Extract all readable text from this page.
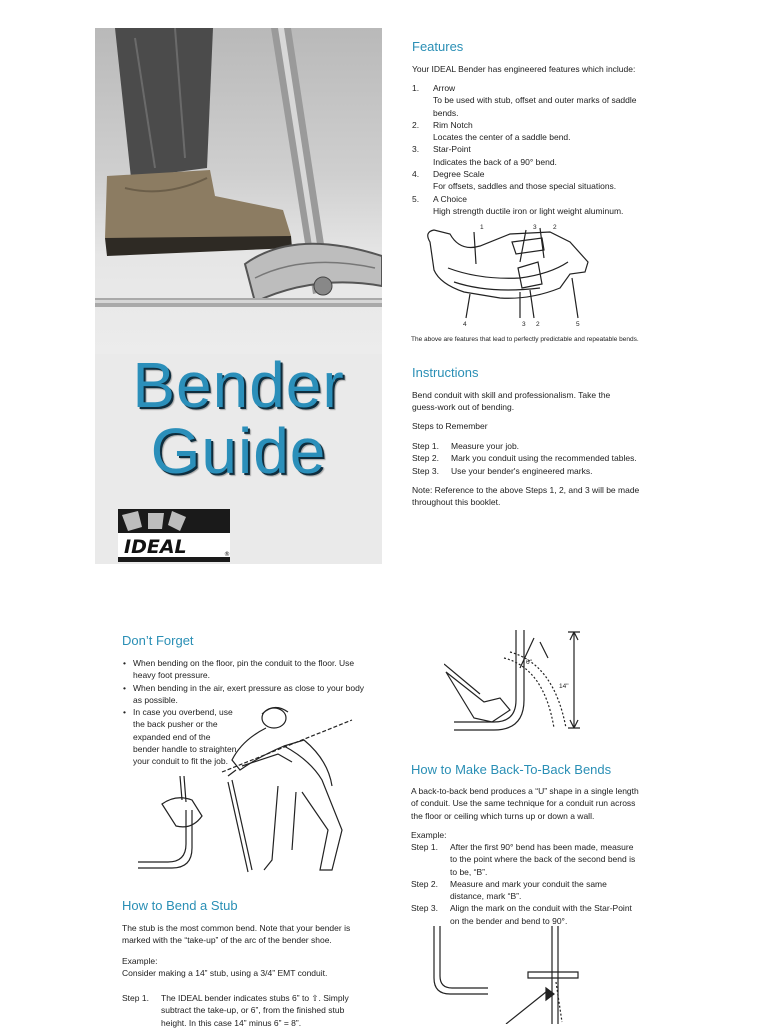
Bender
Guide
IDEAL	®
Features
Your IDEAL Bender has engineered features which include:
1.	Arrow
To be used with stub, offset and outer marks of saddle bends.
2.	Rim Notch
Locates the center of a saddle bend.
3.	Star-Point
Indicates the back of a 90° bend.
4.	Degree Scale
For offsets, saddles and those special situations.
5.	A Choice
High strength ductile iron or light weight aluminum.
1	3	2
4	3 2	5
The above are features that lead to perfectly predictable and repeatable bends.
Instructions
Bend conduit with skill and professionalism. Take the guess-work out of bending.
Steps to Remember
Step 1.	Measure your job.
Step 2.	Mark you conduit using the recommended tables.
Step 3.	Use your bender's engineered marks.
Note: Reference to the above Steps 1, 2, and 3 will be made throughout this booklet.
Don’t Forget
• When bending on the floor, pin the conduit to the floor. Use heavy foot pressure.
• When bending in the air, exert pressure as close to your body as possible.
• In case you overbend, use the back pusher or the expanded end of the bender handle to straighten your conduit to fit the job.
6"
14"
How to Make Back-To-Back Bends
A back-to-back bend produces a “U” shape in a single length of conduit. Use the same technique for a conduit run across the floor or ceiling which turns up or down a wall.
Example:
Step 1.	After the first 90° bend has been made, measure to the point where the back of the second bend is to be, “B”.
Step 2.	Measure and mark your conduit the same distance, mark “B”.
Step 3.	Align the mark on the conduit with the Star-Point on the bender and bend to 90°.
How to Bend a Stub
The stub is the most common bend. Note that your bender is marked with the “take-up” of the arc of the bender shoe.
Example:
Consider making a 14” stub, using a 3/4” EMT conduit.
Step 1.	The IDEAL bender indicates stubs 6” to ⇧. Simply subtract the take-up, or 6”, from the finished stub height. In this case 14” minus 6” = 8”.
